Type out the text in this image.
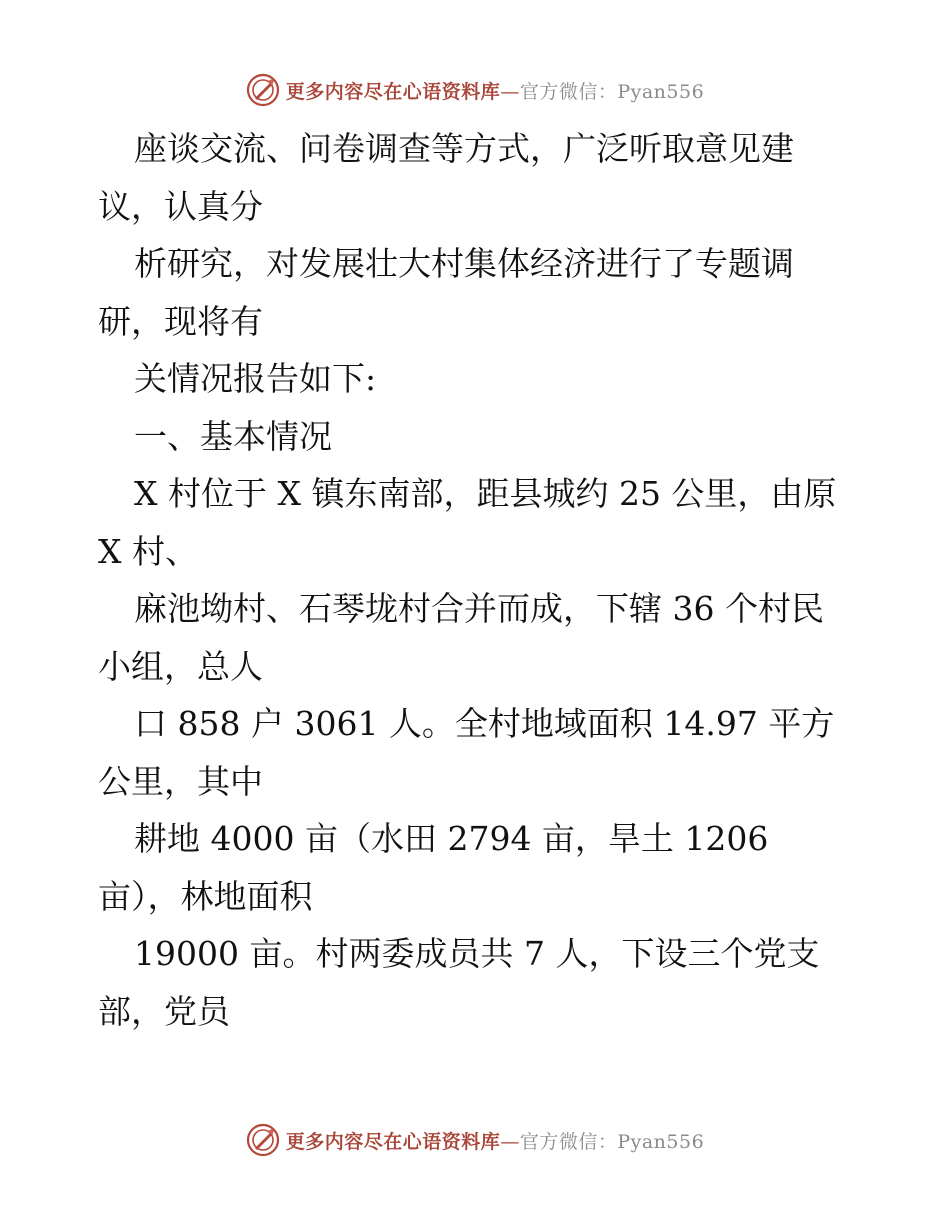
更多内容尽在心语资料库—官方微信：Pyan556
座谈交流、问卷调查等方式，广泛听取意见建
议，认真分
析研究，对发展壮大村集体经济进行了专题调
研，现将有
关情况报告如下:
一、基本情况
X 村位于 X 镇东南部，距县城约 25 公里，由原
X 村、
麻池坳村、石琴垅村合并而成，下辖 36 个村民
小组，总人
口 858 户 3061 人。全村地域面积 14.97 平方
公里，其中
耕地 4000 亩（水田 2794 亩，旱土 1206
亩），林地面积
19000 亩。村两委成员共 7 人，下设三个党支
部，党员
更多内容尽在心语资料库—官方微信：Pyan556
